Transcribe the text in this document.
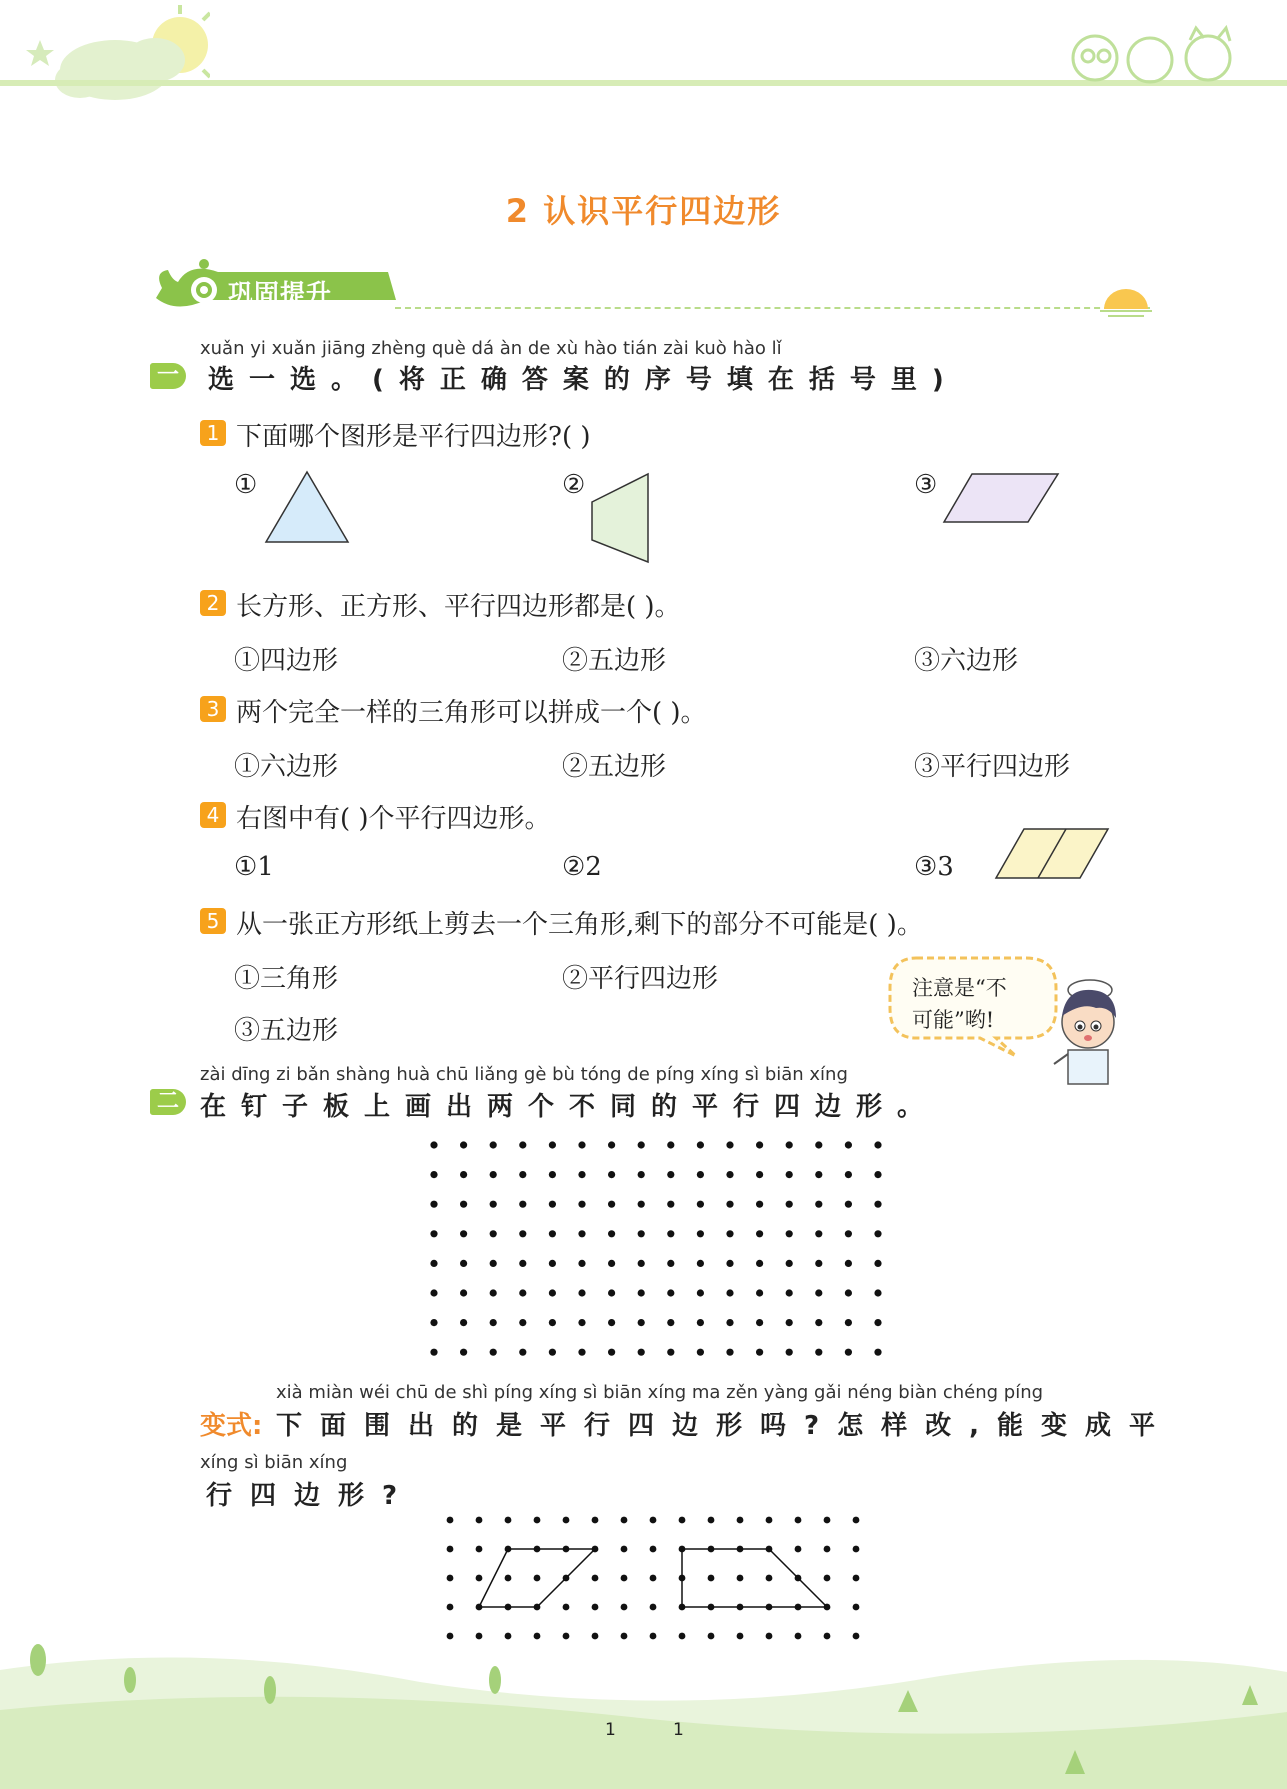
2 认识平行四边形
巩固提升
xuǎn yi xuǎn jiāng zhèng què dá àn de xù hào tián zài kuò hào lǐ
一 选一选。(将正确答案的序号填在括号里)
1 下面哪个图形是平行四边形?( )
①	②	③
2 长方形、正方形、平行四边形都是( )。
①四边形	②五边形	③六边形
3 两个完全一样的三角形可以拼成一个( )。
①六边形	②五边形	③平行四边形
4 右图中有( )个平行四边形。
①1	②2	③3
5 从一张正方形纸上剪去一个三角形,剩下的部分不可能是( )。
①三角形	②平行四边形
③五边形
注意是“不
可能”哟!
zài dīng zi bǎn shàng huà chū liǎng gè bù tóng de píng xíng sì biān xíng
二 在钉子板上画出两个不同的平行四边形。
xià miàn wéi chū de shì píng xíng sì biān xíng ma zěn yàng gǎi néng biàn chéng píng
变式: 下面围出的是平行四边形吗?怎样改,能变成平
xíng sì biān xíng
行四边形?
1	1
